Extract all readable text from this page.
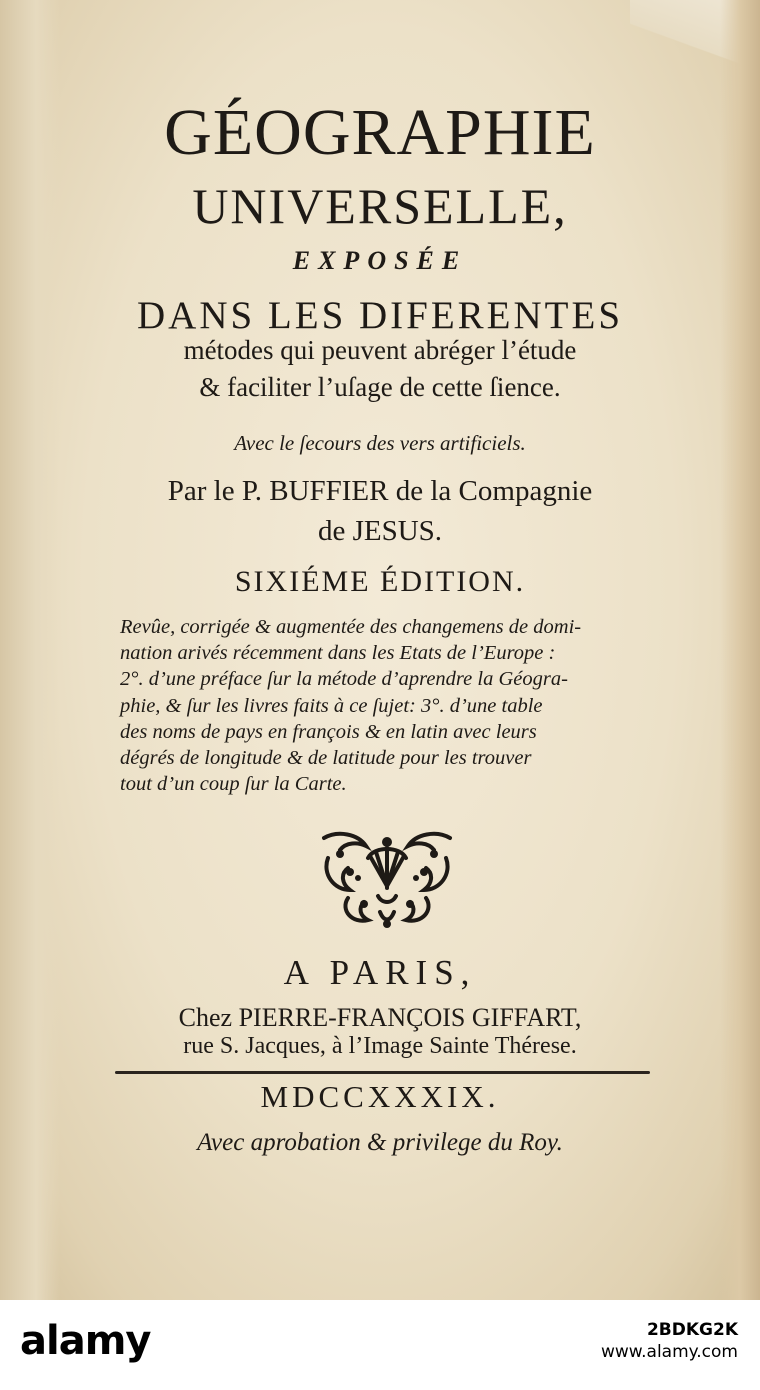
GÉOGRAPHIE
UNIVERSELLE,
EXPOSÉE
DANS LES DIFERENTES
métodes qui peuvent abréger l’étude
& faciliter l’uſage de cette ſience.
Avec le ſecours des vers artificiels.
Par le P. BUFFIER de la Compagnie
de JESUS.
SIXIÉME ÉDITION.
Revûe, corrigée & augmentée des changemens de domi-
nation arivés récemment dans les Etats de l’Europe :
2°. d’une préface ſur la métode d’aprendre la Géogra-
phie, & ſur les livres faits à ce ſujet: 3°. d’une table
des noms de pays en françois & en latin avec leurs
dégrés de longitude & de latitude pour les trouver
tout d’un coup ſur la Carte.
A PARIS,
Chez PIERRE-FRANÇOIS GIFFART,
rue S. Jacques, à l’Image Sainte Thérese.
MDCCXXXIX.
Avec aprobation & privilege du Roy.
alamy	2BDKG2K
www.alamy.com
